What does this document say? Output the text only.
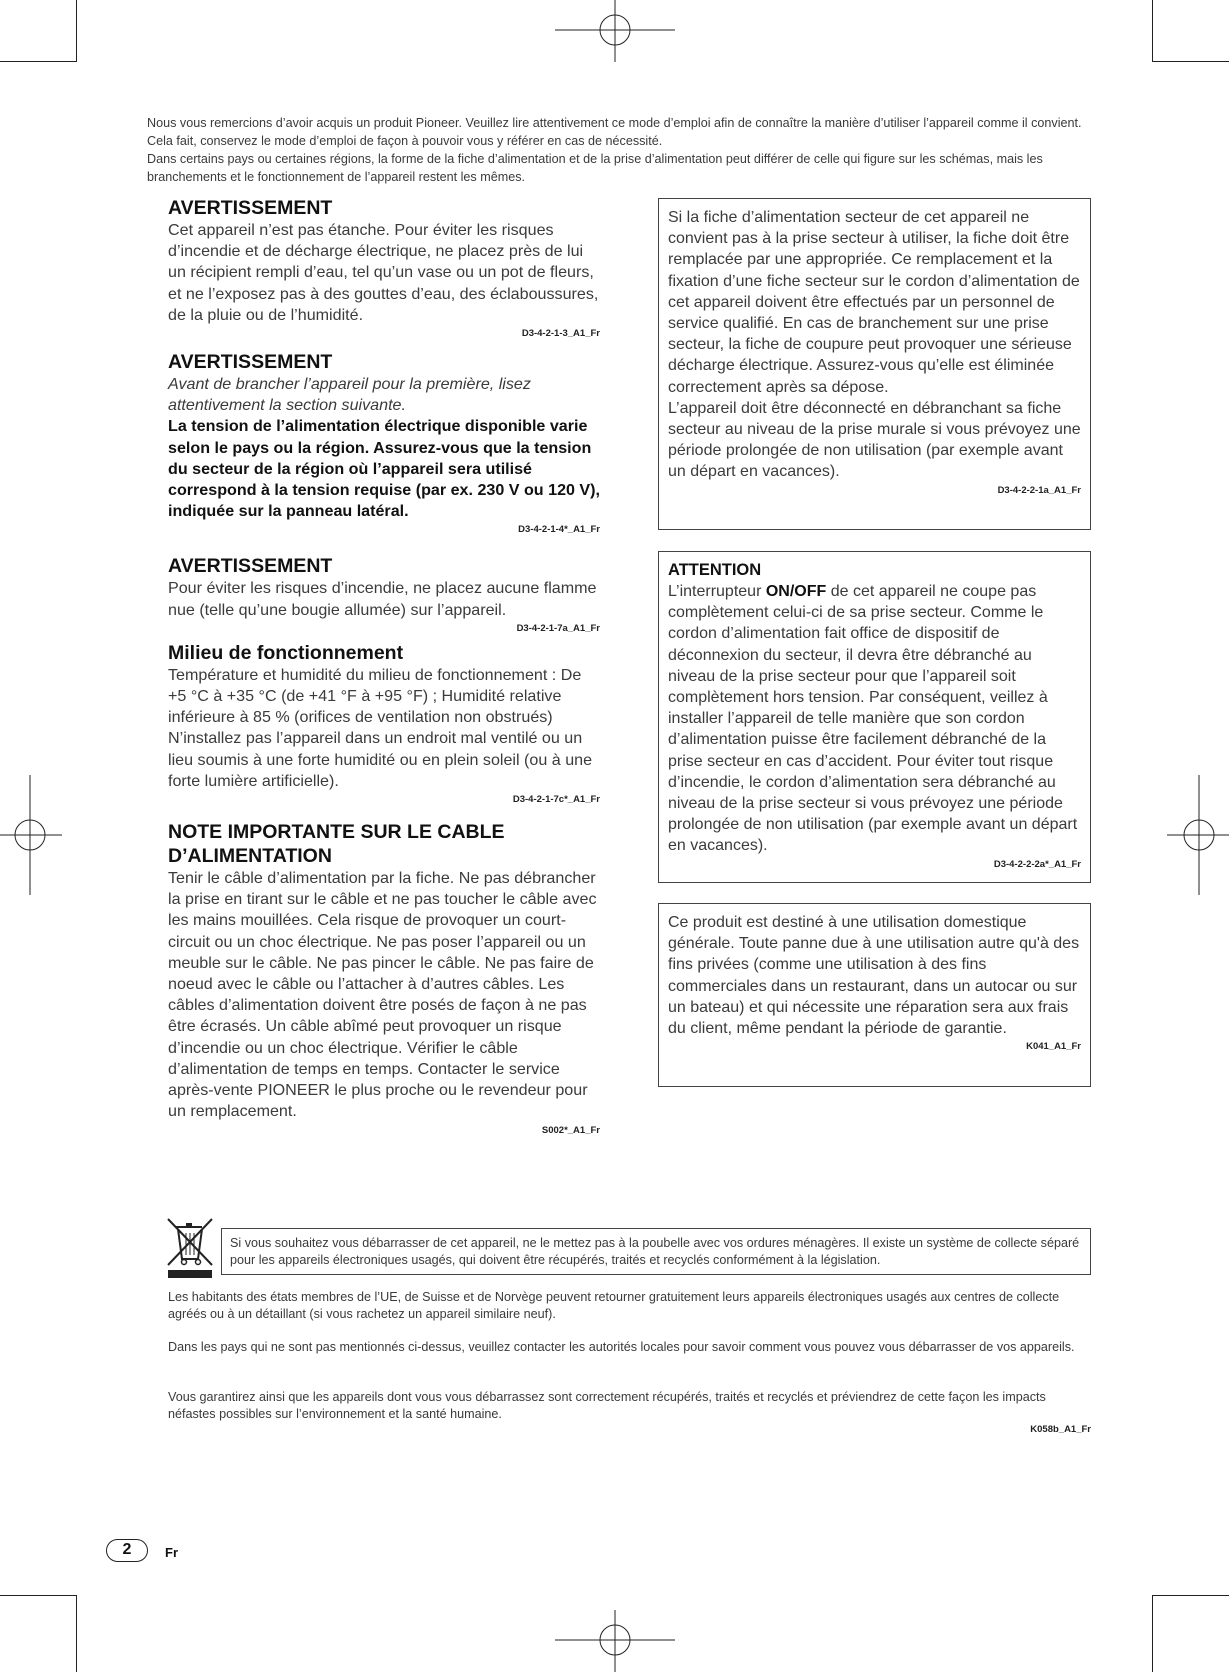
Nous vous remercions d’avoir acquis un produit Pioneer. Veuillez lire attentivement ce mode d’emploi afin de connaître la manière d’utiliser l’appareil comme il convient. Cela fait, conservez le mode d’emploi de façon à pouvoir vous y référer en cas de nécessité.

Dans certains pays ou certaines régions, la forme de la fiche d’alimentation et de la prise d’alimentation peut différer de celle qui figure sur les schémas, mais les branchements et le fonctionnement de l’appareil restent les mêmes.

AVERTISSEMENT

Cet appareil n’est pas étanche. Pour éviter les risques d’incendie et de décharge électrique, ne placez près de lui un récipient rempli d’eau, tel qu’un vase ou un pot de fleurs, et ne l’exposez pas à des gouttes d’eau, des éclaboussures, de la pluie ou de l’humidité.

D3-4-2-1-3_A1_Fr
AVERTISSEMENT

Avant de brancher l’appareil pour la première, lisez attentivement la section suivante.

La tension de l’alimentation électrique disponible varie selon le pays ou la région. Assurez-vous que la tension du secteur de la région où l’appareil sera utilisé correspond à la tension requise (par ex. 230 V ou 120 V), indiquée sur la panneau latéral.

D3-4-2-1-4*_A1_Fr
AVERTISSEMENT

Pour éviter les risques d’incendie, ne placez aucune flamme nue (telle qu’une bougie allumée) sur l’appareil.

D3-4-2-1-7a_A1_Fr
Milieu de fonctionnement

Température et humidité du milieu de fonctionnement : De +5 °C à +35 °C (de +41 °F à +95 °F) ; Humidité relative inférieure à 85 % (orifices de ventilation non obstrués)

N’installez pas l’appareil dans un endroit mal ventilé ou un lieu soumis à une forte humidité ou en plein soleil (ou à une forte lumière artificielle).

D3-4-2-1-7c*_A1_Fr
NOTE IMPORTANTE SUR LE CABLE D’ALIMENTATION

Tenir le câble d’alimentation par la fiche. Ne pas débrancher la prise en tirant sur le câble et ne pas toucher le câble avec les mains mouillées. Cela risque de provoquer un court-circuit ou un choc électrique. Ne pas poser l’appareil ou un meuble sur le câble. Ne pas pincer le câble. Ne pas faire de noeud avec le câble ou l’attacher à d’autres câbles. Les câbles d’alimentation doivent être posés de façon à ne pas être écrasés. Un câble abîmé peut provoquer un risque d’incendie ou un choc électrique. Vérifier le câble d’alimentation de temps en temps. Contacter le service après-vente PIONEER le plus proche ou le revendeur pour un remplacement.

S002*_A1_Fr

Si la fiche d’alimentation secteur de cet appareil ne convient pas à la prise secteur à utiliser, la fiche doit être remplacée par une appropriée. Ce remplacement et la fixation d’une fiche secteur sur le cordon d’alimentation de cet appareil doivent être effectués par un personnel de service qualifié. En cas de branchement sur une prise secteur, la fiche de coupure peut provoquer une sérieuse décharge électrique. Assurez-vous qu’elle est éliminée correctement après sa dépose.

L’appareil doit être déconnecté en débranchant sa fiche secteur au niveau de la prise murale si vous prévoyez une période prolongée de non utilisation (par exemple avant un départ en vacances).

D3-4-2-2-1a_A1_Fr
ATTENTION

L’interrupteur ON/OFF de cet appareil ne coupe pas complètement celui-ci de sa prise secteur. Comme le cordon d’alimentation fait office de dispositif de déconnexion du secteur, il devra être débranché au niveau de la prise secteur pour que l’appareil soit complètement hors tension. Par conséquent, veillez à installer l’appareil de telle manière que son cordon d’alimentation puisse être facilement débranché de la prise secteur en cas d’accident. Pour éviter tout risque d’incendie, le cordon d’alimentation sera débranché au niveau de la prise secteur si vous prévoyez une période prolongée de non utilisation (par exemple avant un départ en vacances).

D3-4-2-2-2a*_A1_Fr

Ce produit est destiné à une utilisation domestique générale. Toute panne due à une utilisation autre qu'à des fins privées (comme une utilisation à des fins commerciales dans un restaurant, dans un autocar ou sur un bateau) et qui nécessite une réparation sera aux frais du client, même pendant la période de garantie.

K041_A1_Fr
Si vous souhaitez vous débarrasser de cet appareil, ne le mettez pas à la poubelle avec vos ordures ménagères. Il existe un système de collecte séparé pour les appareils électroniques usagés, qui doivent être récupérés, traités et recyclés conformément à la législation.

Les habitants des états membres de l’UE, de Suisse et de Norvège peuvent retourner gratuitement leurs appareils électroniques usagés aux centres de collecte agréés ou à un détaillant (si vous rachetez un appareil similaire neuf).

Dans les pays qui ne sont pas mentionnés ci-dessus, veuillez contacter les autorités locales pour savoir comment vous pouvez vous débarrasser de vos appareils.

Vous garantirez ainsi que les appareils dont vous vous débarrassez sont correctement récupérés, traités et recyclés et préviendrez de cette façon les impacts néfastes possibles sur l’environnement et la santé humaine.

K058b_A1_Fr
2	Fr
